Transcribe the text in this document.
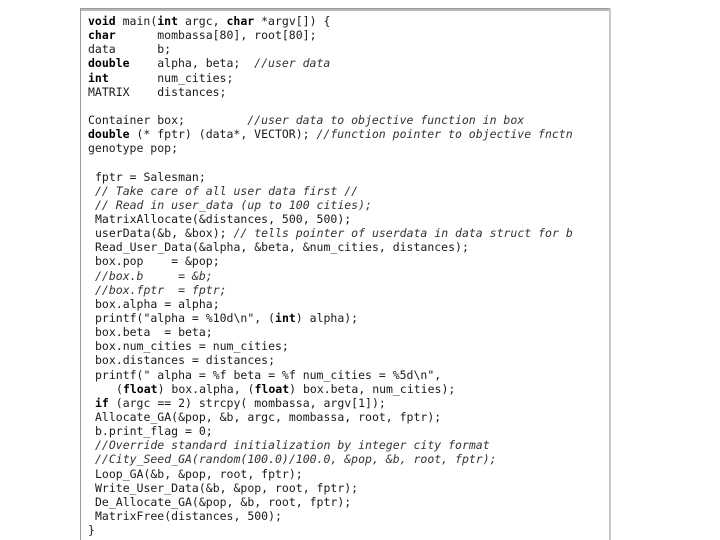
void main(int argc, char *argv[]) {
char      mombassa[80], root[80];
data      b;
double    alpha, beta;  //user data
int       num_cities;
MATRIX    distances;
Container box;         //user data to objective function in box
double (* fptr) (data*, VECTOR); //function pointer to objective fnctn
genotype pop;
fptr = Salesman;
// Take care of all user data first //
// Read in user_data (up to 100 cities);
MatrixAllocate(&distances, 500, 500);
userData(&b, &box); // tells pointer of userdata in data struct for b
Read_User_Data(&alpha, &beta, &num_cities, distances);
box.pop    = &pop;
//box.b     = &b;
//box.fptr  = fptr;
box.alpha = alpha;
printf("alpha = %10d\n", (int) alpha);
box.beta  = beta;
box.num_cities = num_cities;
box.distances = distances;
printf(" alpha = %f beta = %f num_cities = %5d\n",
(float) box.alpha, (float) box.beta, num_cities);
if (argc == 2) strcpy( mombassa, argv[1]);
Allocate_GA(&pop, &b, argc, mombassa, root, fptr);
b.print_flag = 0;
//Override standard initialization by integer city format
//City_Seed_GA(random(100.0)/100.0, &pop, &b, root, fptr);
Loop_GA(&b, &pop, root, fptr);
Write_User_Data(&b, &pop, root, fptr);
De_Allocate_GA(&pop, &b, root, fptr);
MatrixFree(distances, 500);
}
